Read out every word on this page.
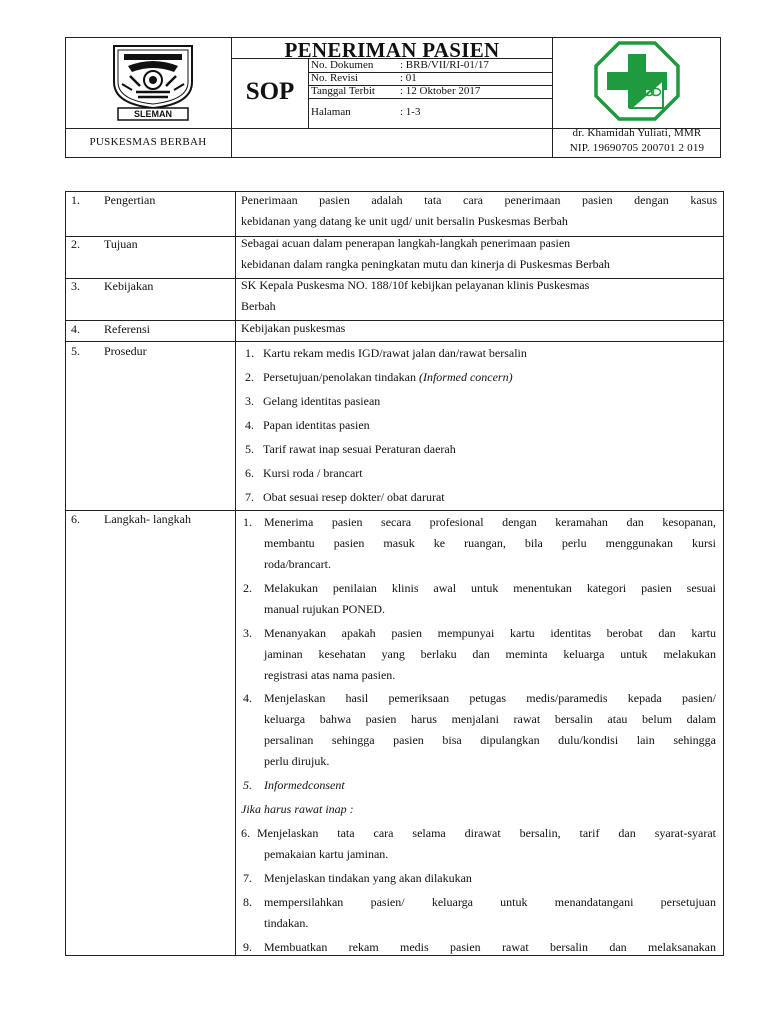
SLEMAN
PENERIMAN PASIEN
SOP
No. Dokumen : BRB/VII/RI-01/17
No. Revisi	: 01
Tanggal Terbit : 12 Oktober 2017
Halaman	: 1-3
PUSKESMAS BERBAH
dr. Khamidah Yuliati, MMR
NIP. 19690705 200701 2 019
1. Pengertian	Penerimaan pasien adalah tata cara penerimaan pasien dengan kasus
kebidanan yang datang ke unit ugd/ unit bersalin Puskesmas Berbah
2. Tujuan	Sebagai acuan dalam penerapan langkah-langkah penerimaan pasien
kebidanan dalam rangka peningkatan mutu dan kinerja di Puskesmas Berbah
3. Kebijakan	SK Kepala Puskesma NO. 188/10f kebijkan pelayanan klinis Puskesmas
Berbah
4. Referensi	Kebijakan puskesmas
5. Prosedur	1. Kartu rekam medis IGD/rawat jalan dan/rawat bersalin
2. Persetujuan/penolakan tindakan (Informed concern)
3. Gelang identitas pasiean
4. Papan identitas pasien
5. Tarif rawat inap sesuai Peraturan daerah
6. Kursi roda / brancart
7. Obat sesuai resep dokter/ obat darurat
6. Langkah- langkah	1. Menerima pasien secara profesional dengan keramahan dan kesopanan,
membantu pasien masuk ke ruangan, bila perlu menggunakan kursi
roda/brancart.
2. Melakukan penilaian klinis awal untuk menentukan kategori pasien sesuai
manual rujukan PONED.
3. Menanyakan apakah pasien mempunyai kartu identitas berobat dan kartu
jaminan kesehatan yang berlaku dan meminta keluarga untuk melakukan
registrasi atas nama pasien.
4. Menjelaskan hasil pemeriksaan petugas medis/paramedis kepada pasien/
keluarga bahwa pasien harus menjalani rawat bersalin atau belum dalam
persalinan sehingga pasien bisa dipulangkan dulu/kondisi lain sehingga
perlu dirujuk.
5. Informedconsent
Jika harus rawat inap :
6. Menjelaskan tata cara selama dirawat bersalin, tarif dan syarat-syarat
pemakaian kartu jaminan.
7. Menjelaskan tindakan yang akan dilakukan
8. mempersilahkan pasien/ keluarga untuk menandatangani persetujuan
tindakan.
9. Membuatkan rekam medis pasien rawat bersalin dan melaksanakan
